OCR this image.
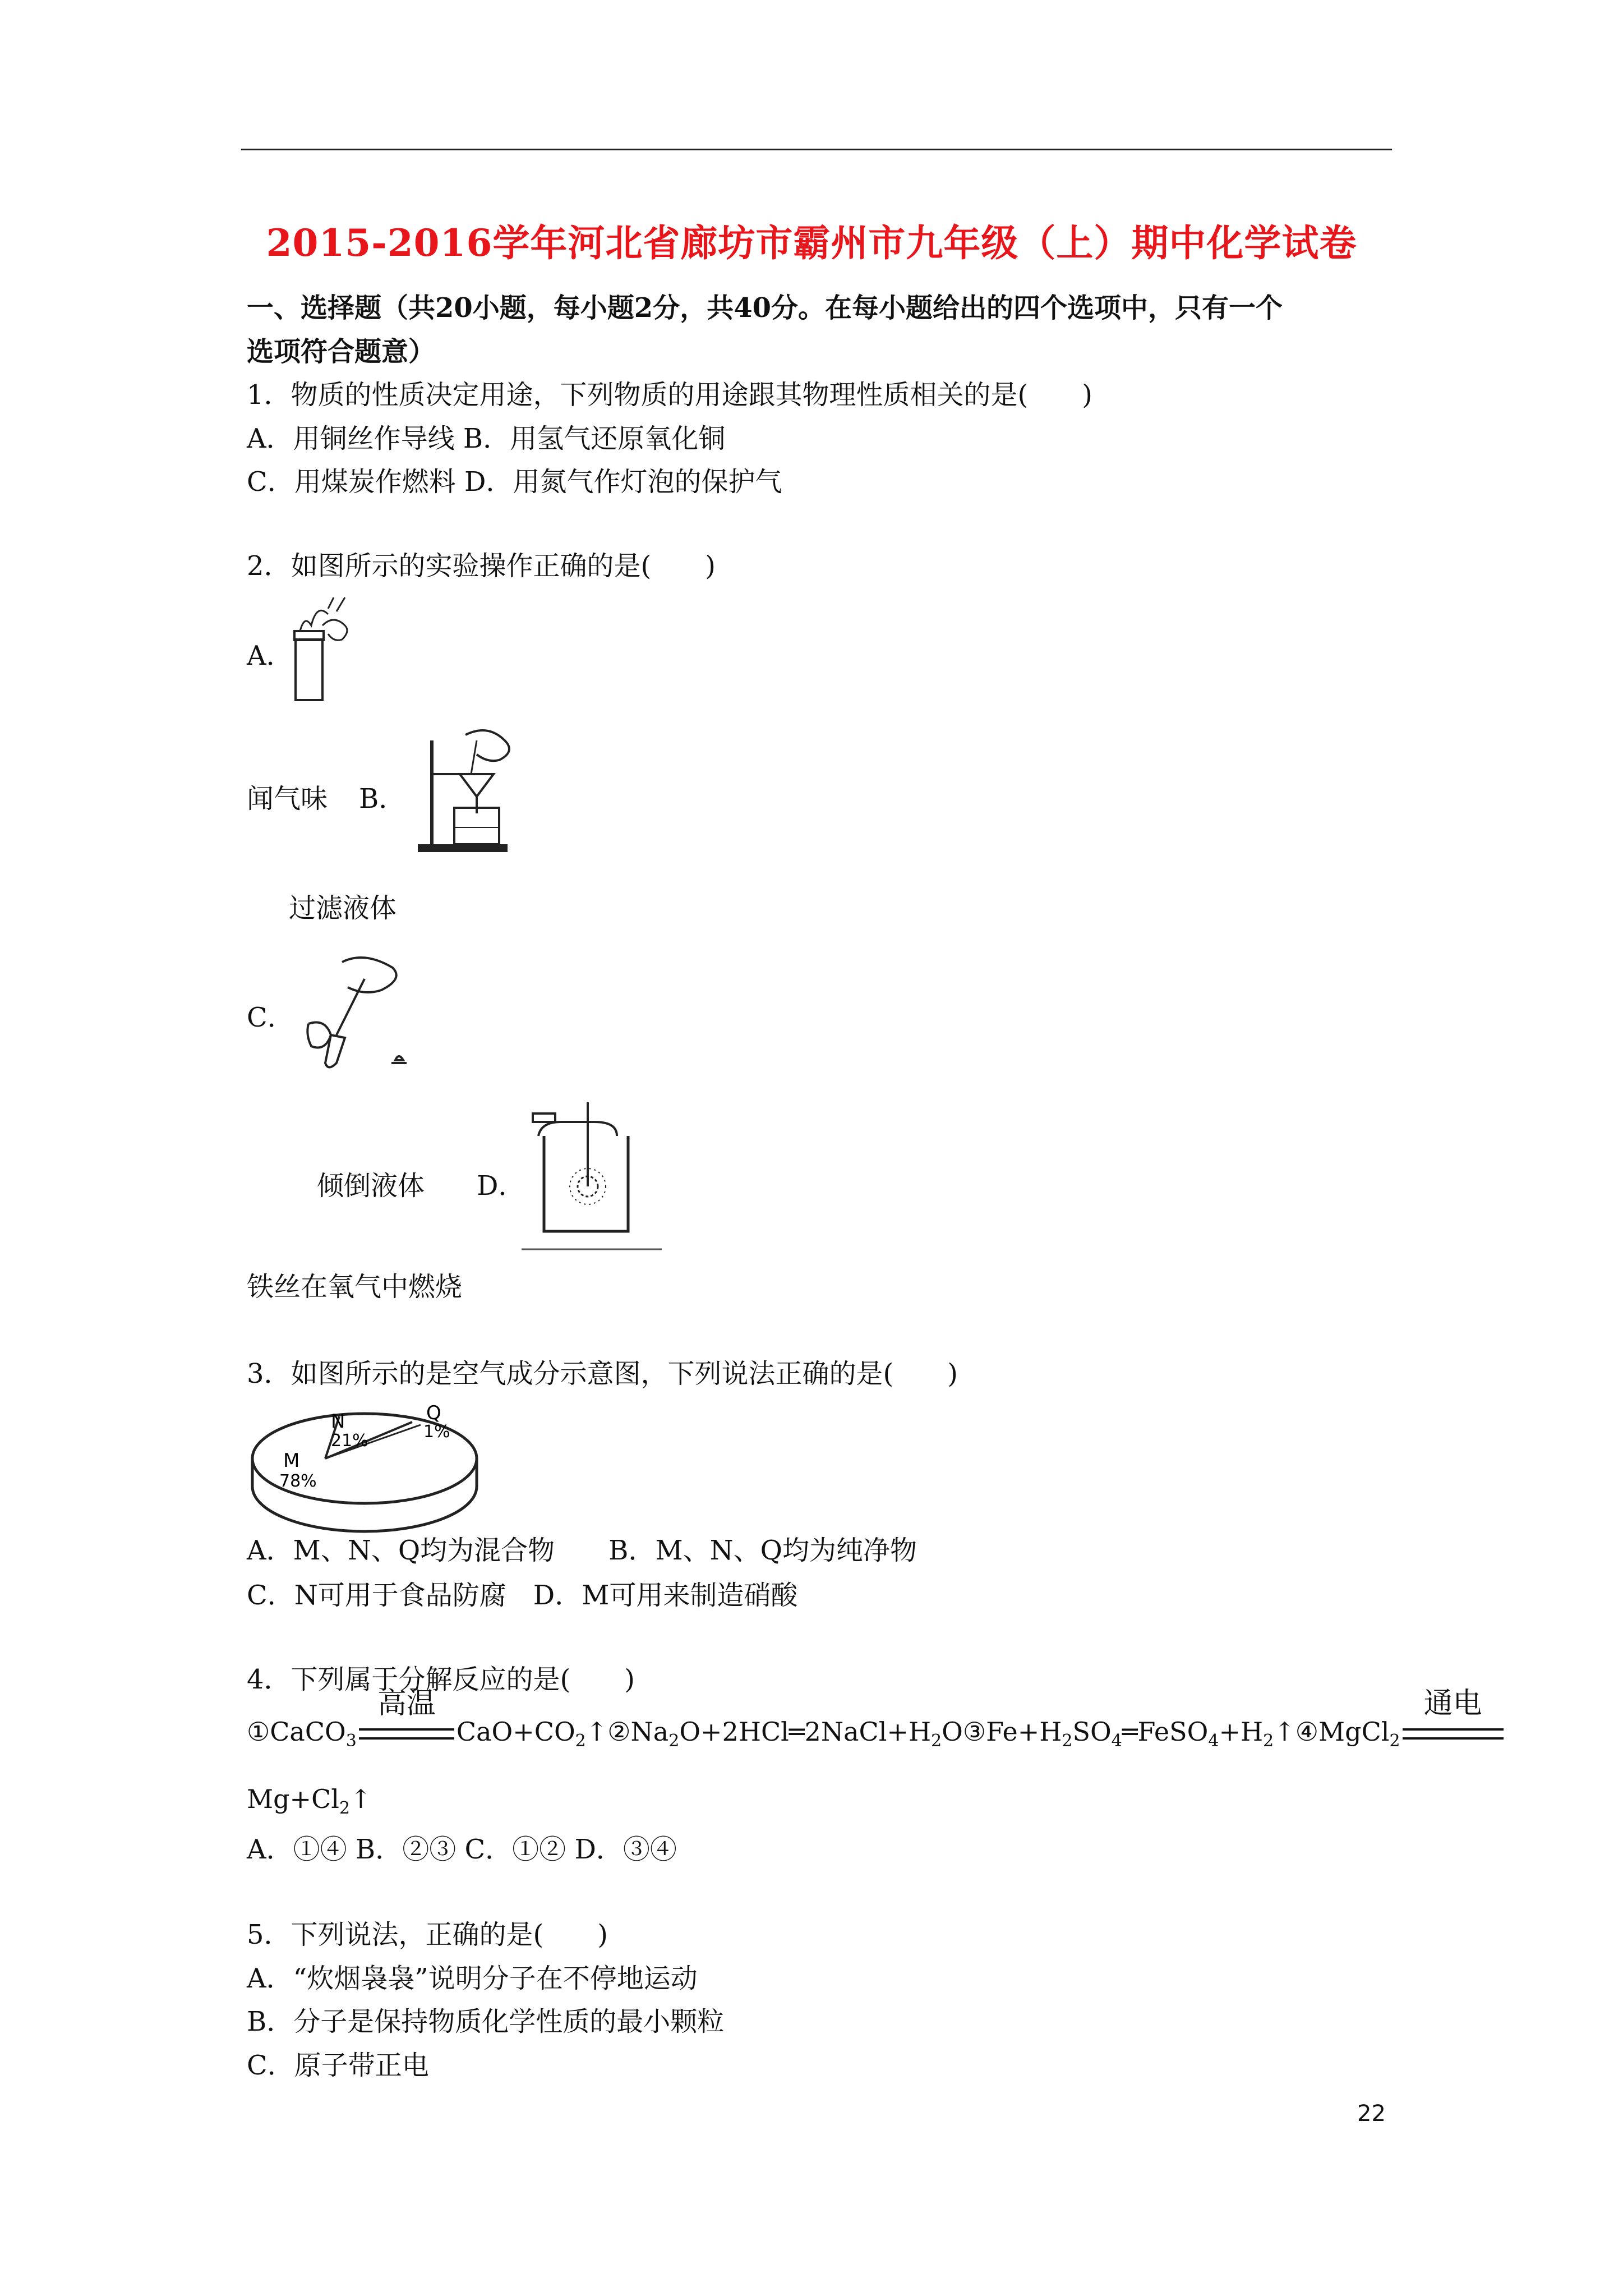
2015-2016学年河北省廊坊市霸州市九年级（上）期中化学试卷
一、选择题（共20小题，每小题2分，共40分。在每小题给出的四个选项中，只有一个
选项符合题意）
1．物质的性质决定用途，下列物质的用途跟其物理性质相关的是(　　)
A．用铜丝作导线 B．用氢气还原氧化铜
C．用煤炭作燃料 D．用氮气作灯泡的保护气
2．如图所示的实验操作正确的是(　　)
A．
闻气味 B．
过滤液体
C．
倾倒液体 D．
铁丝在氧气中燃烧
3．如图所示的是空气成分示意图，下列说法正确的是(　　)
N
21%
Q
1%
M
78%
A．M、N、Q均为混合物　　B．M、N、Q均为纯净物
C．N可用于食品防腐　D．M可用来制造硝酸
4．下列属于分解反应的是(　　)
①CaCO$_3$
高温
$CaO+CO_2↑②Na_2O+2HCl═2NaCl+H_2O③Fe+H_2SO_4═FeSO_4+H_2↑④MgCl_2$
通电
$Mg+Cl_2↑$
A．①④ B．②③ C．①② D．③④
5．下列说法，正确的是(　　)
A．“炊烟袅袅”说明分子在不停地运动
B．分子是保持物质化学性质的最小颗粒
C．原子带正电
22
